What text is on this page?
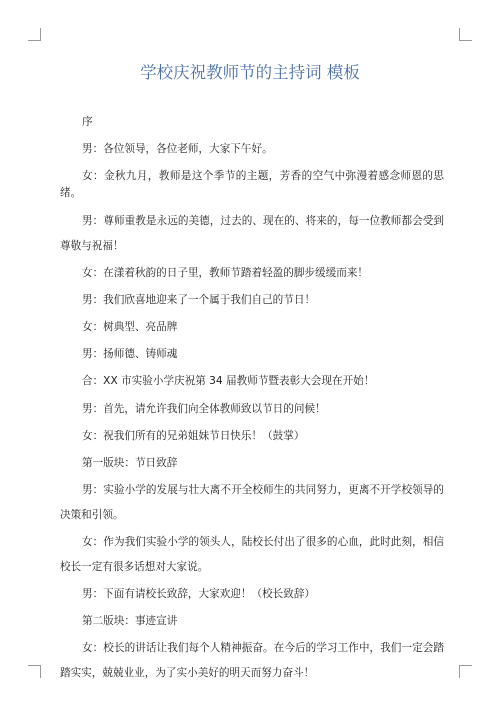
学校庆祝教师节的主持词 模板

序

男：各位领导，各位老师，大家下午好。

女：金秋九月，教师是这个季节的主题，芳香的空气中弥漫着感念师恩的思绪。

男：尊师重教是永远的美德，过去的、现在的、将来的，每一位教师都会受到尊敬与祝福！

女：在漾着秋韵的日子里，教师节踏着轻盈的脚步缓缓而来！

男：我们欣喜地迎来了一个属于我们自己的节日！

女：树典型、亮品牌

男：扬师德、铸师魂

合：XX 市实验小学庆祝第 34 届教师节暨表彰大会现在开始！

男：首先，请允许我们向全体教师致以节日的问候！

女：祝我们所有的兄弟姐妹节日快乐！（鼓掌）

第一版块：节日致辞

男：实验小学的发展与壮大离不开全校师生的共同努力，更离不开学校领导的决策和引领。

女：作为我们实验小学的领头人，陆校长付出了很多的心血，此时此刻，相信校长一定有很多话想对大家说。

男：下面有请校长致辞，大家欢迎！（校长致辞）

第二版块：事迹宣讲

女：校长的讲话让我们每个人精神振奋。在今后的学习工作中，我们一定会踏踏实实，兢兢业业，为了实小美好的明天而努力奋斗！
